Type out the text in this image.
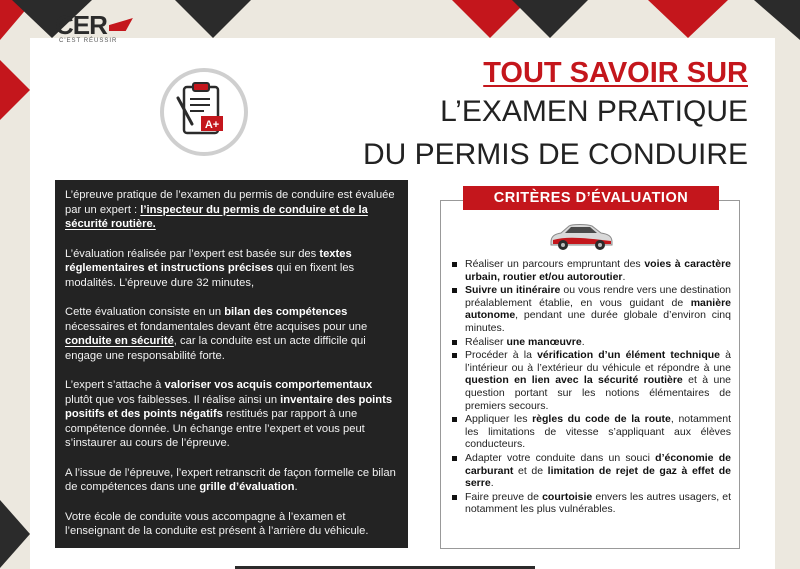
CER
C'EST RÉUSSIR
A+
TOUT SAVOIR SUR
L’EXAMEN PRATIQUE
DU PERMIS DE CONDUIRE

L’épreuve pratique de l’examen du permis de conduire est évaluée par un expert : l’inspecteur du permis de conduire et de la sécurité routière.

L’évaluation réalisée par l’expert est basée sur des textes réglementaires et instructions précises qui en fixent les modalités. L’épreuve dure 32 minutes,

Cette évaluation consiste en un bilan des compétences nécessaires et fondamentales devant être acquises pour une conduite en sécurité, car la conduite est un acte difficile qui engage une responsabilité forte.

L’expert s’attache à valoriser vos acquis comportementaux plutôt que vos faiblesses. Il réalise ainsi un inventaire des points positifs et des points négatifs restitués par rapport à une compétence donnée. Un échange entre l’expert et vous peut s’instaurer au cours de l’épreuve.

A l’issue de l’épreuve, l’expert retranscrit de façon formelle ce bilan de compétences dans une grille d’évaluation.

Votre école de conduite vous accompagne à l’examen et l’enseignant de la conduite est présent à l’arrière du véhicule.

CRITÈRES D’ÉVALUATION
Réaliser un parcours empruntant des voies à caractère urbain, routier et/ou autoroutier.
Suivre un itinéraire ou vous rendre vers une destination préalablement établie, en vous guidant de manière autonome, pendant une durée globale d’environ cinq minutes.
Réaliser une manœuvre.
Procéder à la vérification d’un élément technique à l’intérieur ou à l’extérieur du véhicule et répondre à une question en lien avec la sécurité routière et à une question portant sur les notions élémentaires de premiers secours.
Appliquer les règles du code de la route, notamment les limitations de vitesse s’appliquant aux élèves conducteurs.
Adapter votre conduite dans un souci d’économie de carburant et de limitation de rejet de gaz à effet de serre.
Faire preuve de courtoisie envers les autres usagers, et notamment les plus vulnérables.
